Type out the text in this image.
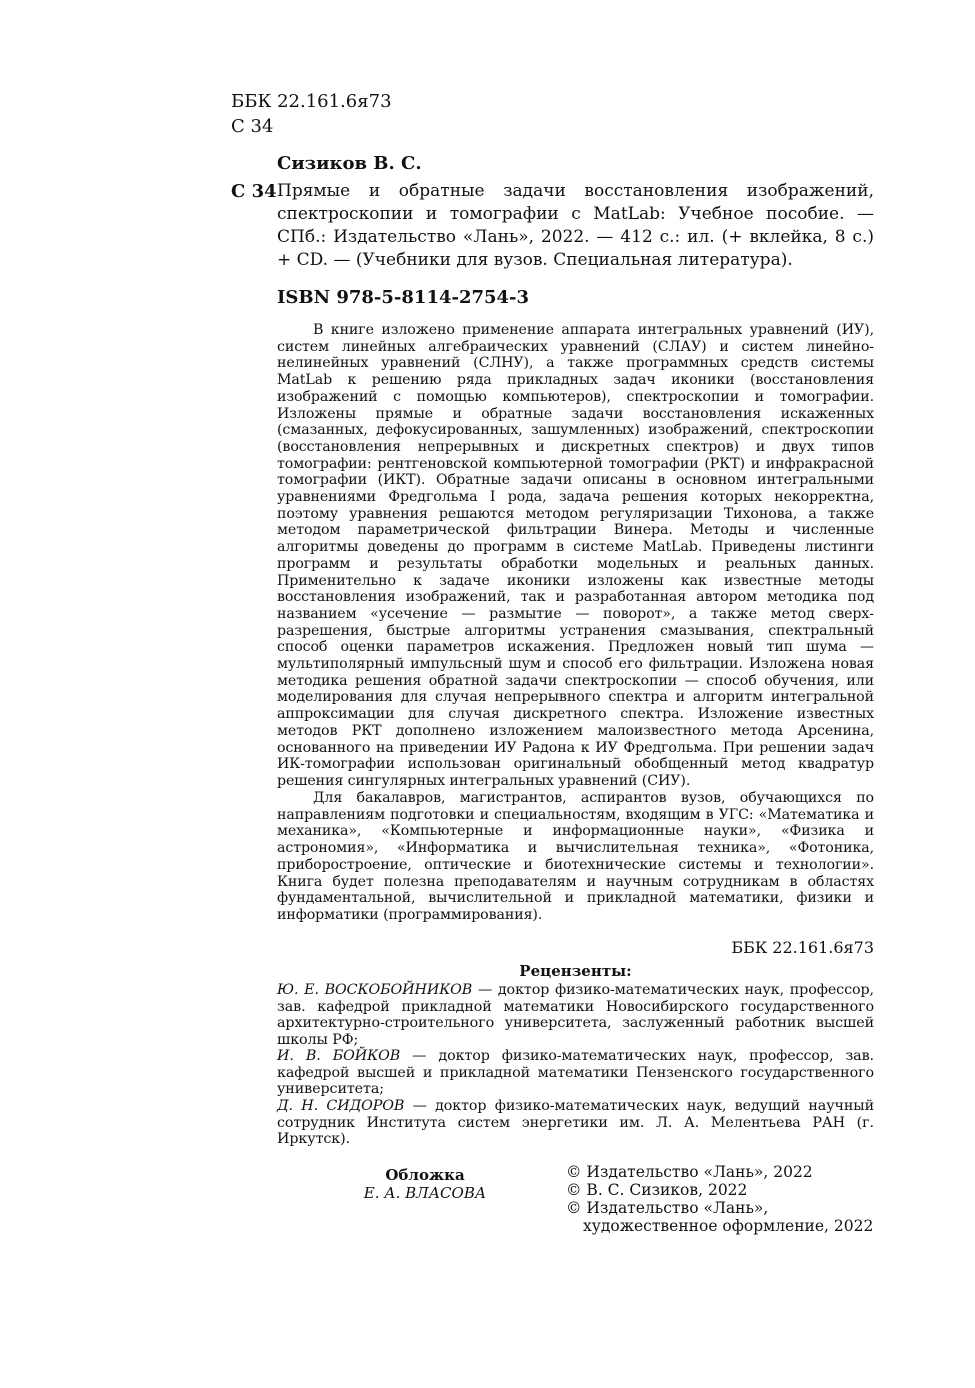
ББК 22.161.6я73
С 34
Сизиков В. С.
С 34 Прямые и обратные задачи восстановления изображений, спектроскопии и томографии с MatLab: Учебное пособие. — СПб.: Издательство «Лань», 2022. — 412 с.: ил. (+ вклейка, 8 с.) + CD. — (Учебники для вузов. Специальная литература).
ISBN 978-5-8114-2754-3

В книге изложено применение аппарата интегральных уравнений (ИУ), систем линейных алгебраических уравнений (СЛАУ) и систем линейно-нелинейных уравнений (СЛНУ), а также программных средств системы MatLab к решению ряда прикладных задач иконики (восстановления изображений с помощью компьютеров), спектроскопии и томографии. Изложены прямые и обратные задачи восстановления искаженных (смазанных, дефокусированных, зашумленных) изображений, спектроскопии (восстановления непрерывных и дискретных спектров) и двух типов томографии: рентгеновской компьютерной томографии (РКТ) и инфракрасной томографии (ИКТ). Обратные задачи описаны в основном интегральными уравнениями Фредгольма I рода, задача решения которых некорректна, поэтому уравнения решаются методом регуляризации Тихонова, а также методом параметрической фильтрации Винера. Методы и численные алгоритмы доведены до программ в системе MatLab. Приведены листинги программ и результаты обработки модельных и реальных данных. Применительно к задаче иконики изложены как известные методы восстановления изображений, так и разработанная автором методика под названием «усечение — размытие — поворот», а также метод сверх-разрешения, быстрые алгоритмы устранения смазывания, спектральный способ оценки параметров искажения. Предложен новый тип шума — мультиполярный импульсный шум и способ его фильтрации. Изложена новая методика решения обратной задачи спектроскопии — способ обучения, или моделирования для случая непрерывного спектра и алгоритм интегральной аппроксимации для случая дискретного спектра. Изложение известных методов РКТ дополнено изложением малоизвестного метода Арсенина, основанного на приведении ИУ Радона к ИУ Фредгольма. При решении задач ИК-томографии использован оригинальный обобщенный метод квадратур решения сингулярных интегральных уравнений (СИУ).

Для бакалавров, магистрантов, аспирантов вузов, обучающихся по направлениям подготовки и специальностям, входящим в УГС: «Математика и механика», «Компьютерные и информационные науки», «Физика и астрономия», «Информатика и вычислительная техника», «Фотоника, приборостроение, оптические и биотехнические системы и технологии». Книга будет полезна преподавателям и научным сотрудникам в областях фундаментальной, вычислительной и прикладной математики, физики и информатики (программирования).

ББК 22.161.6я73
Рецензенты:

Ю. Е. ВОСКОБОЙНИКОВ — доктор физико-математических наук, профессор, зав. кафедрой прикладной математики Новосибирского государственного архитектурно-строительного университета, заслуженный работник высшей школы РФ;

И. В. БОЙКОВ — доктор физико-математических наук, профессор, зав. кафедрой высшей и прикладной математики Пензенского государственного университета;

Д. Н. СИДОРОВ — доктор физико-математических наук, ведущий научный сотрудник Института систем энергетики им. Л. А. Мелентьева РАН (г. Иркутск).

Обложка
Е. А. ВЛАСОВА
© Издательство «Лань», 2022
© В. С. Сизиков, 2022
© Издательство «Лань»,
художественное оформление, 2022
